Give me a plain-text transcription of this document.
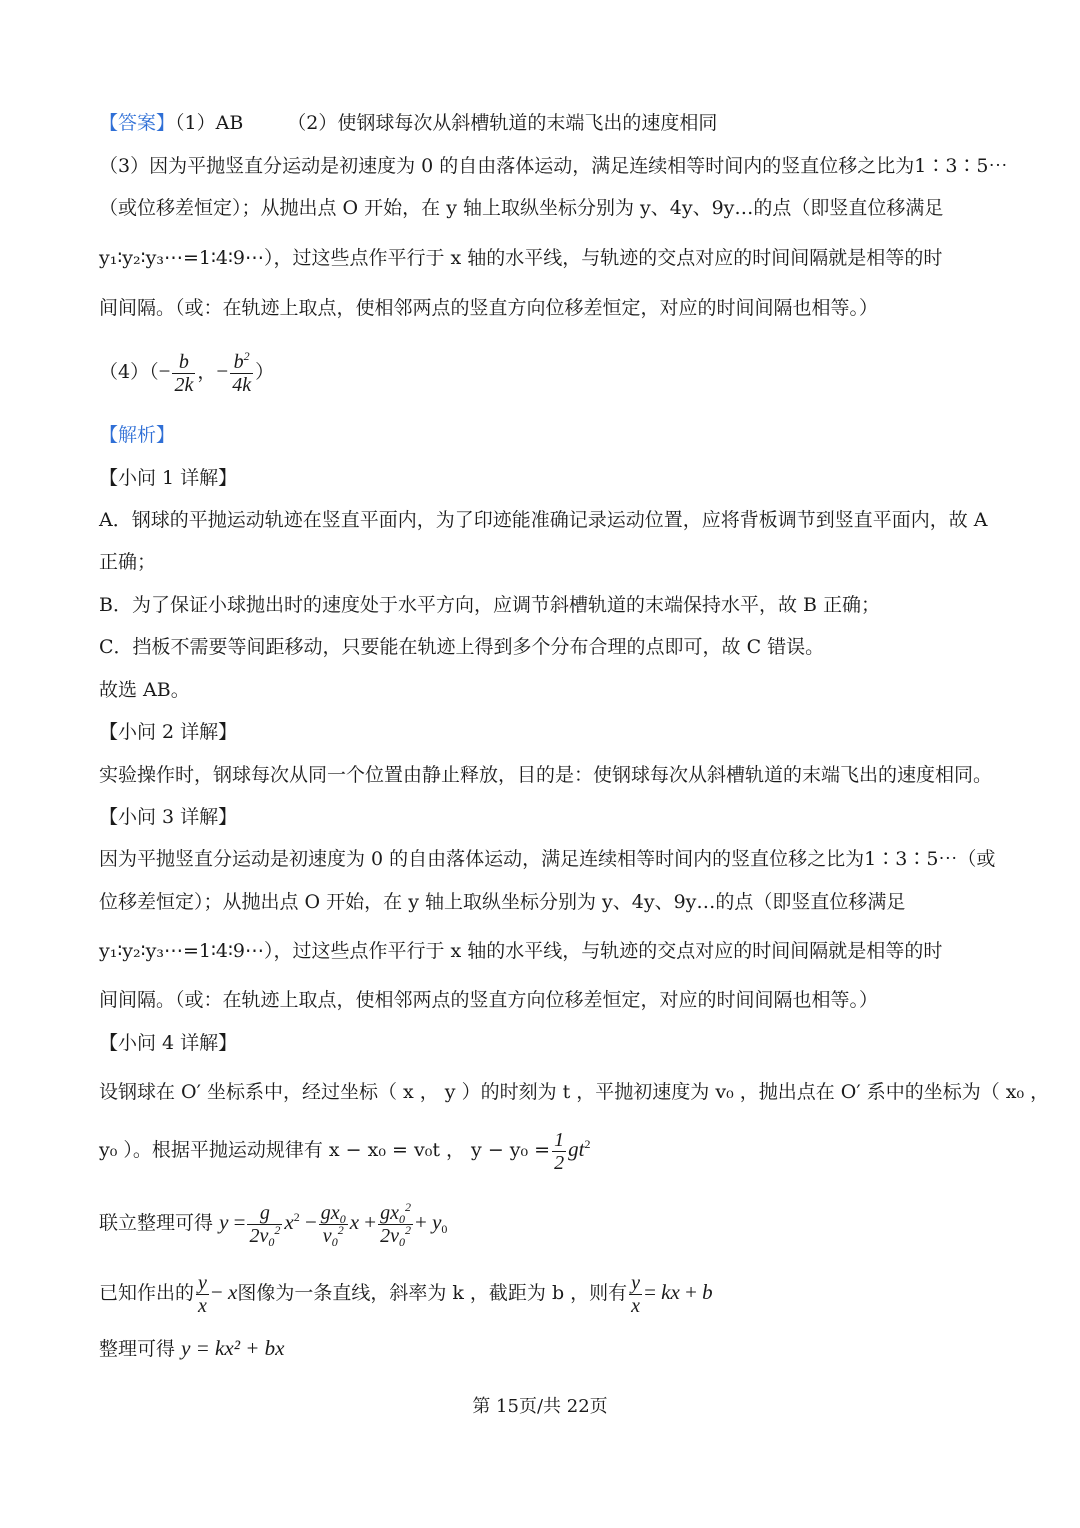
【答案】（1）AB （2）使钢球每次从斜槽轨道的末端飞出的速度相同
（3）因为平抛竖直分运动是初速度为 0 的自由落体运动，满足连续相等时间内的竖直位移之比为1∶3∶5⋯
（或位移差恒定）；从抛出点 O 开始，在 y 轴上取纵坐标分别为 y、4y、9y…的点（即竖直位移满足
y₁∶y₂∶y₃⋯=1∶4∶9⋯），过这些点作平行于 x 轴的水平线，与轨迹的交点对应的时间间隔就是相等的时
间间隔。（或：在轨迹上取点，使相邻两点的竖直方向位移差恒定，对应的时间间隔也相等。）
$(4)(- \frac{b}{2k}$ ，− $\frac{b^2}{4k}$ ）
【解析】
【小问 1 详解】
A．钢球的平抛运动轨迹在竖直平面内，为了印迹能准确记录运动位置，应将背板调节到竖直平面内，故 A
正确；
B．为了保证小球抛出时的速度处于水平方向，应调节斜槽轨道的末端保持水平，故 B 正确；
C．挡板不需要等间距移动，只要能在轨迹上得到多个分布合理的点即可，故 C 错误。
故选 AB。
【小问 2 详解】
实验操作时，钢球每次从同一个位置由静止释放，目的是：使钢球每次从斜槽轨道的末端飞出的速度相同。
【小问 3 详解】
因为平抛竖直分运动是初速度为 0 的自由落体运动，满足连续相等时间内的竖直位移之比为1∶3∶5⋯（或
位移差恒定）；从抛出点 O 开始，在 y 轴上取纵坐标分别为 y、4y、9y…的点（即竖直位移满足
y₁∶y₂∶y₃⋯=1∶4∶9⋯），过这些点作平行于 x 轴的水平线，与轨迹的交点对应的时间间隔就是相等的时
间间隔。（或：在轨迹上取点，使相邻两点的竖直方向位移差恒定，对应的时间间隔也相等。）
【小问 4 详解】
设钢球在 O′ 坐标系中，经过坐标（ x ， y ）的时刻为 t ，平抛初速度为 v₀ ，抛出点在 O′ 系中的坐标为（ x₀ ，
y₀ ）。根据平抛运动规律有 x − x₀ = v₀t ， $y - y_0 = \frac{1}{2} gt^2$
联立整理可得 $y = \frac{g}{2v_0^2} x^2 - \frac{gx_0}{v_0^2}$ $x + \frac{gx_0^2}{2v_0^2} + y_0$
已知作出的 $\frac{y}{x} - x$图像为一条直线，斜率为 k ，截距为 b ，则有 $\frac{y}{x}$ = kx + b
整理可得 y = kx² + bx
第 15页/共 22页
